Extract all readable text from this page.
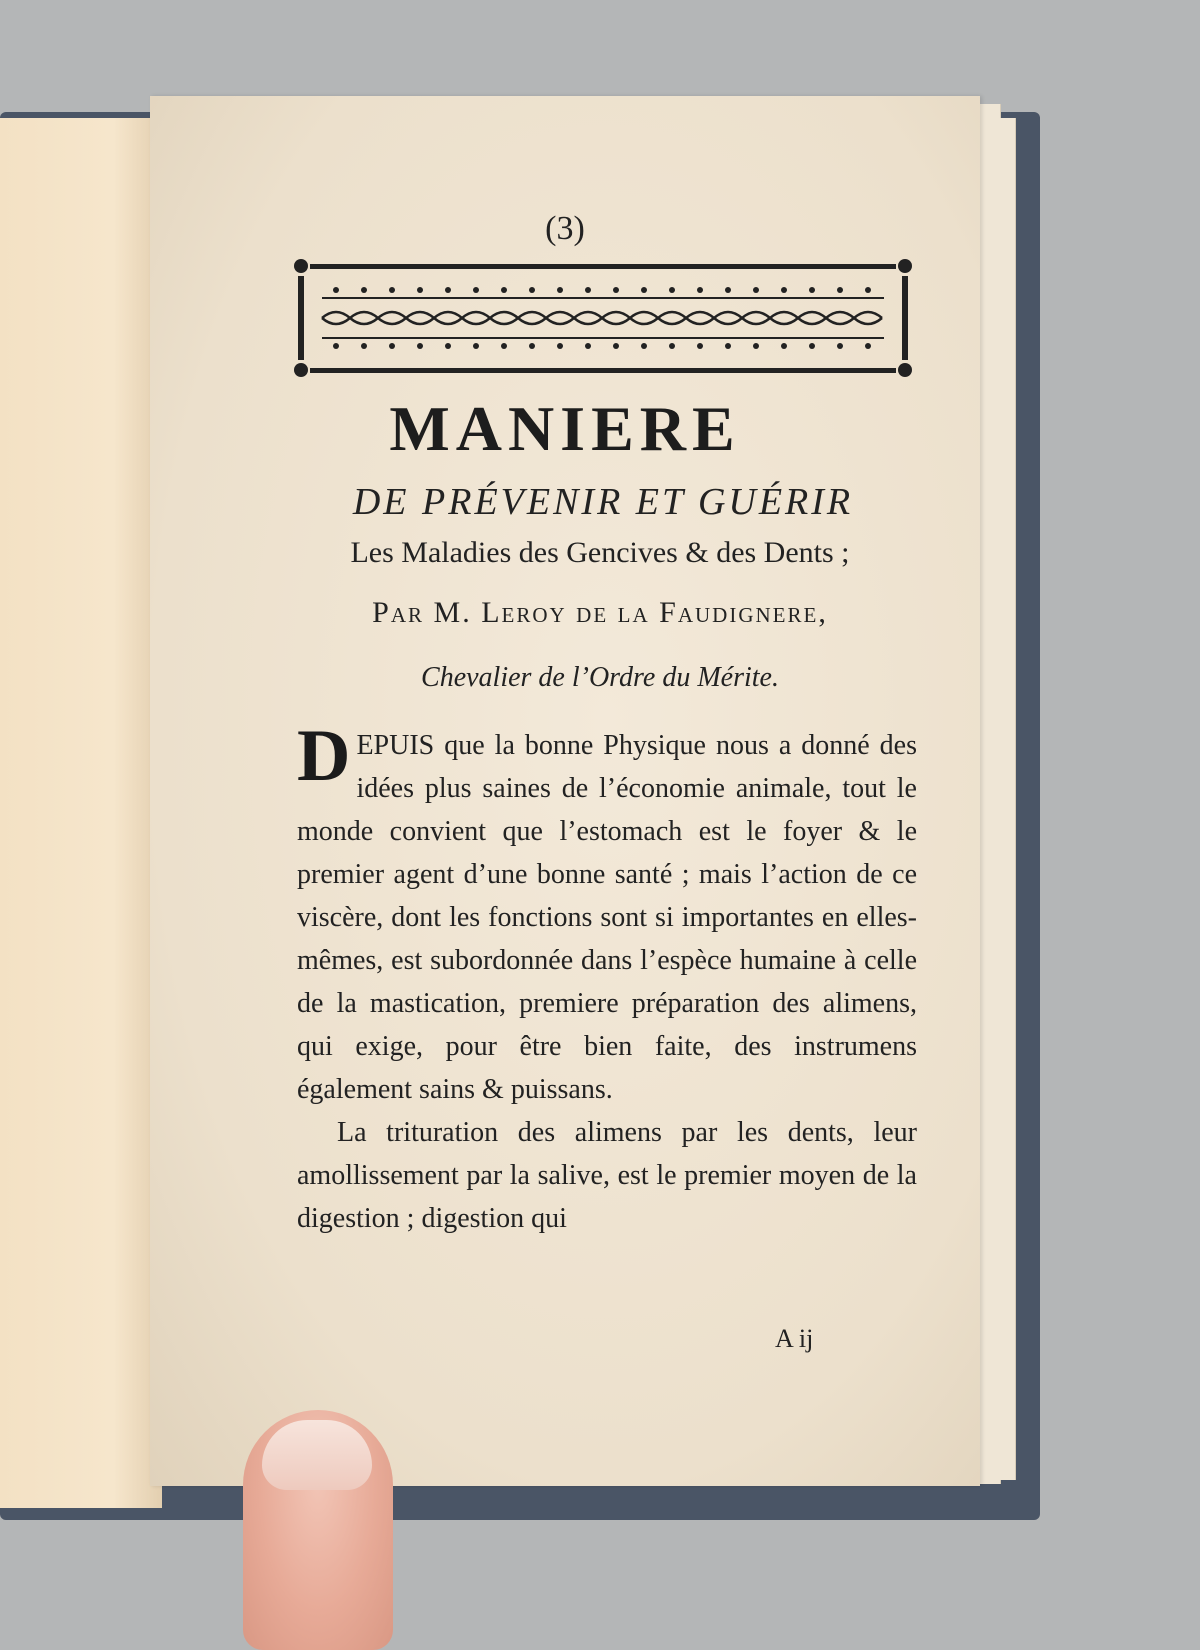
(3)
MANIERE
DE PRÉVENIR ET GUÉRIR
Les Maladies des Gencives & des Dents ;
Par M. Leroy de la Faudignere,
Chevalier de l’Ordre du Mérite.

DEPUIS que la bonne Physique nous a donné des idées plus saines de l’économie animale, tout le monde convient que l’estomach est le foyer & le premier agent d’une bonne santé ; mais l’action de ce viscère, dont les fonctions sont si importantes en elles-mêmes, est subordonnée dans l’espèce humaine à celle de la mastication, premiere préparation des alimens, qui exige, pour être bien faite, des instrumens également sains & puissans.

La trituration des alimens par les dents, leur amollissement par la salive, est le premier moyen de la digestion ; digestion qui

A ij
